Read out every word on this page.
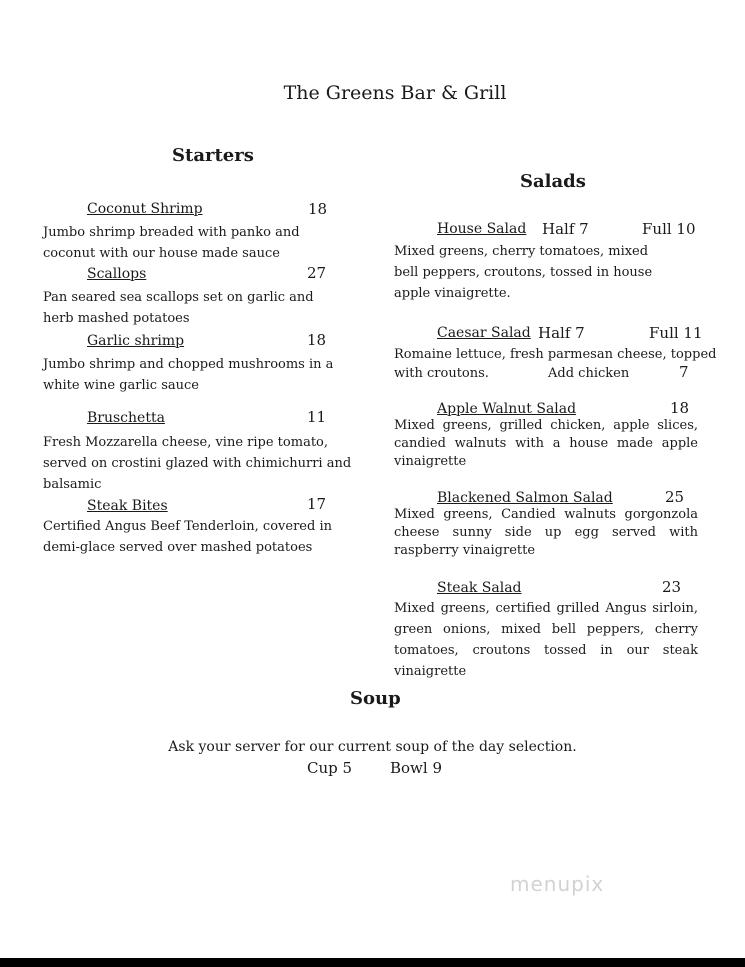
The Greens Bar & Grill
Starters
Coconut Shrimp	18
Jumbo shrimp breaded with panko and coconut with our house made sauce
Scallops	27
Pan seared sea scallops set on garlic and herb mashed potatoes
Garlic shrimp	18
Jumbo shrimp and chopped mushrooms in a white wine garlic sauce
Bruschetta	11
Fresh Mozzarella cheese, vine ripe tomato, served on crostini glazed with chimichurri and balsamic
Steak Bites	17
Certified Angus Beef Tenderloin, covered in demi-glace served over mashed potatoes
Salads
House Salad Half 7	Full 10
Mixed greens, cherry tomatoes, mixed bell peppers, croutons, tossed in house apple vinaigrette.
Caesar Salad Half 7	Full 11
Romaine lettuce, fresh parmesan cheese, topped
with croutons.	Add chicken	7
Apple Walnut Salad	18
Mixed greens, grilled chicken, apple slices, candied walnuts with a house made apple vinaigrette
Blackened Salmon Salad	25
Mixed greens, Candied walnuts gorgonzola cheese sunny side up egg served with raspberry vinaigrette
Steak Salad	23
Mixed greens, certified grilled Angus sirloin, green onions, mixed bell peppers, cherry tomatoes, croutons tossed in our steak vinaigrette
Soup
Ask your server for our current soup of the day selection.
Cup 5	Bowl 9
menupix
